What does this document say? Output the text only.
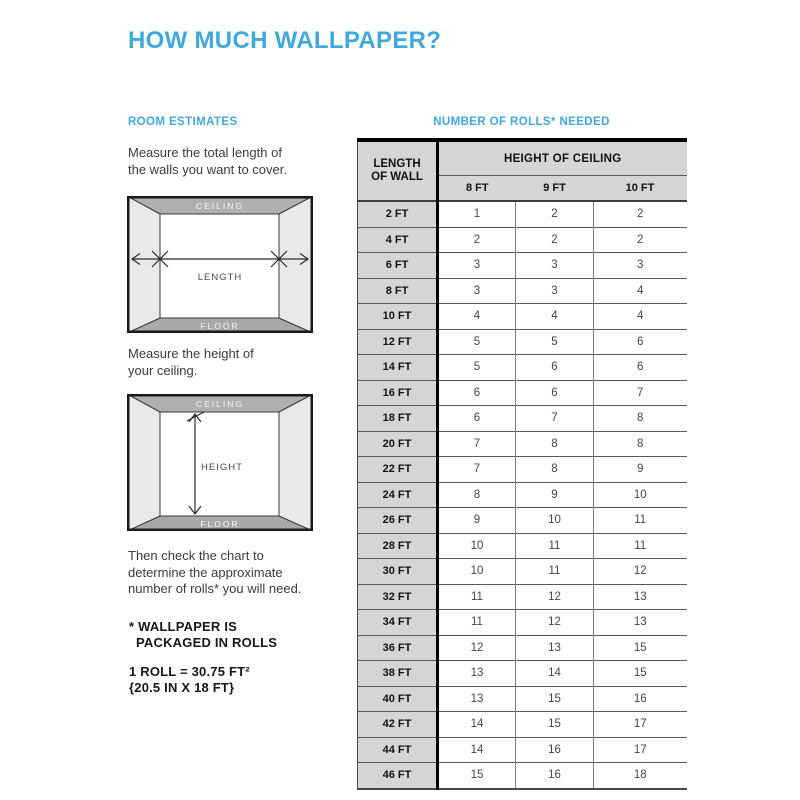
HOW MUCH WALLPAPER?
ROOM ESTIMATES	NUMBER OF ROLLS* NEEDED
Measure the total length of
the walls you want to cover.
CEILING
FLOOR
LENGTH
Measure the height of
your ceiling.
CEILING
FLOOR
HEIGHT
Then check the chart to
determine the approximate
number of rolls* you will need.
* WALLPAPER IS
PACKAGED IN ROLLS
1 ROLL = 30.75 FT²
{20.5 IN X 18 FT}
LENGTH
OF WALL	HEIGHT OF CEILING		
	8 FT	9 FT	10 FT
2 FT	1	2	2
4 FT	2	2	2
6 FT	3	3	3
8 FT	3	3	4
10 FT	4	4	4
12 FT	5	5	6
14 FT	5	6	6
16 FT	6	6	7
18 FT	6	7	8
20 FT	7	8	8
22 FT	7	8	9
24 FT	8	9	10
26 FT	9	10	11
28 FT	10	11	11
30 FT	10	11	12
32 FT	11	12	13
34 FT	11	12	13
36 FT	12	13	15
38 FT	13	14	15
40 FT	13	15	16
42 FT	14	15	17
44 FT	14	16	17
46 FT	15	16	18
